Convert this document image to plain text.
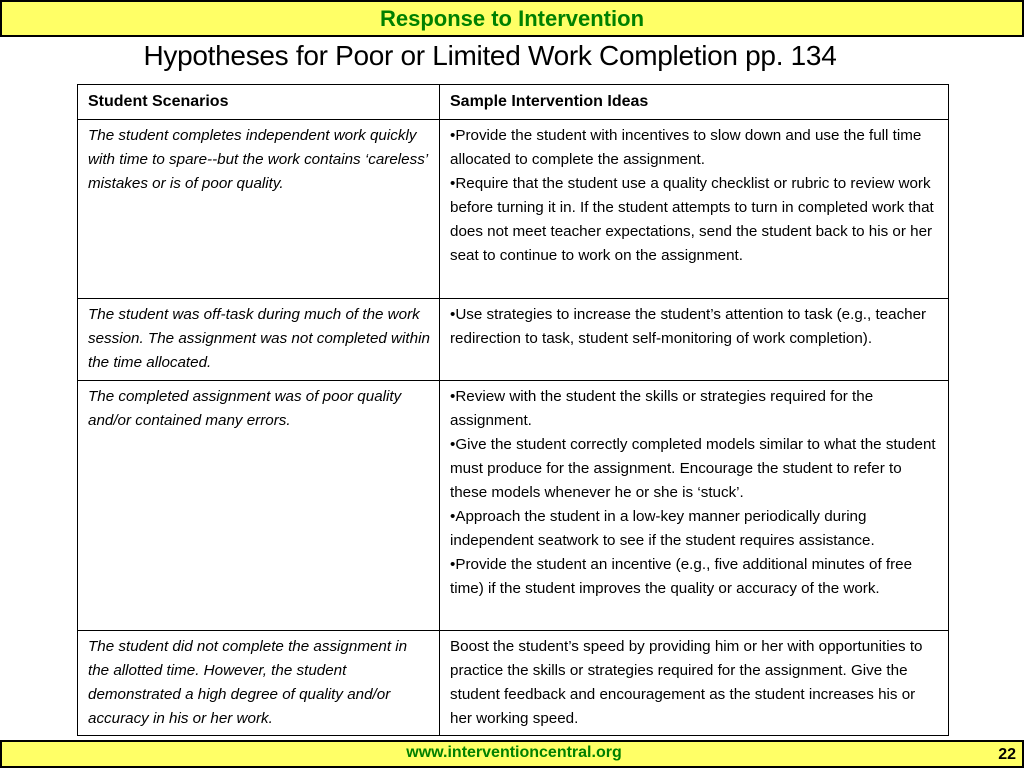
Response to Intervention
Hypotheses for Poor or Limited Work Completion pp. 134
Student Scenarios	Sample Intervention Ideas
The student completes independent work quickly with time to spare--but the work contains ‘careless’ mistakes or is of poor quality.	•Provide the student with incentives to slow down and use the full time allocated to complete the assignment.
•Require that the student use a quality checklist or rubric to review work before turning it in. If the student attempts to turn in completed work that does not meet teacher expectations, send the student back to his or her seat to continue to work on the assignment.

The student was off-task during much of the work session. The assignment was not completed within the time allocated.	•Use strategies to increase the student’s attention to task (e.g., teacher redirection to task, student self-monitoring of work completion).

The completed assignment was of poor quality and/or contained many errors.	•Review with the student the skills or strategies required for the assignment.
•Give the student correctly completed models similar to what the student must produce for the assignment. Encourage the student to refer to these models whenever he or she is ‘stuck’.
•Approach the student in a low-key manner periodically during independent seatwork to see if the student requires assistance.
•Provide the student an incentive (e.g., five additional minutes of free time) if the student improves the quality or accuracy of the work.

The student did not complete the assignment in the allotted time. However, the student demonstrated a high degree of quality and/or accuracy in his or her work.	Boost the student’s speed by providing him or her with opportunities to practice the skills or strategies required for the assignment. Give the student feedback and encouragement as the student increases his or her working speed.
www.interventioncentral.org	22
